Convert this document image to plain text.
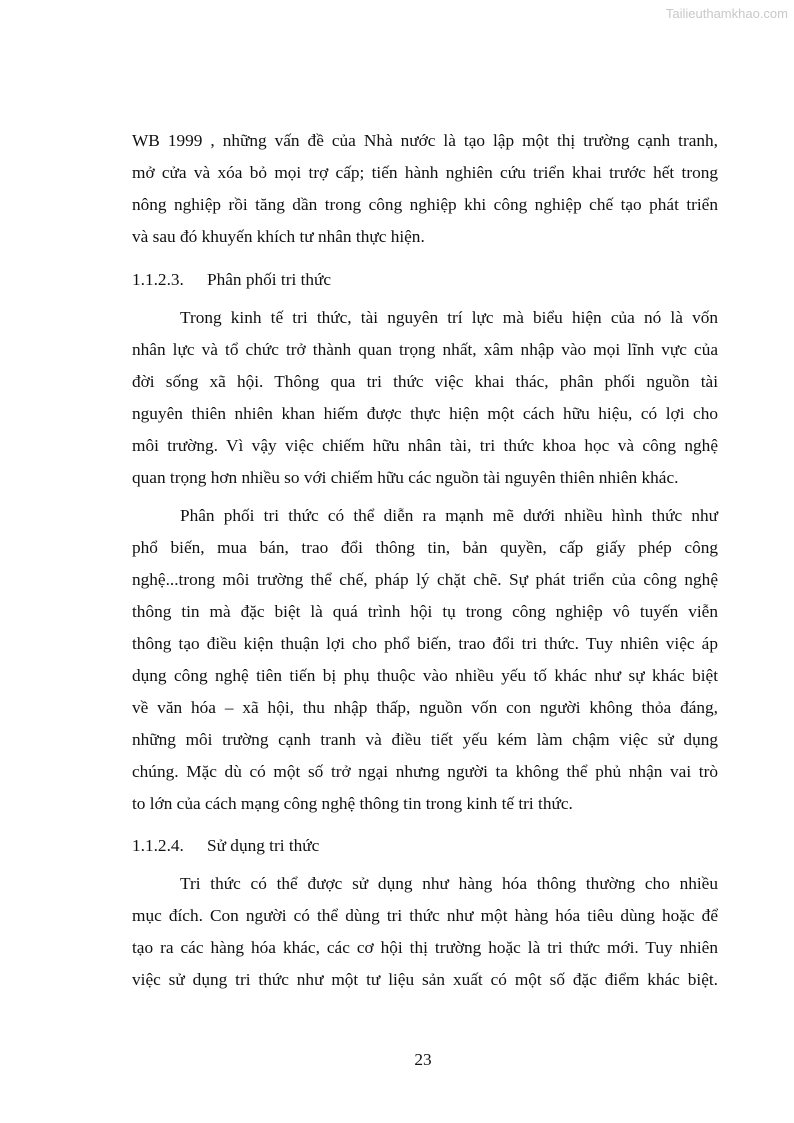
Tailieuthamkhao.com
WB 1999 , những vấn đề của Nhà nước là tạo lập một thị trường cạnh tranh,
mở cửa và xóa bỏ mọi trợ cấp; tiến hành nghiên cứu triển khai trước hết trong
nông nghiệp rồi tăng dần trong công nghiệp khi công nghiệp chế tạo phát triển
và sau đó khuyến khích tư nhân thực hiện.
1.1.2.3. Phân phối tri thức
Trong kinh tế tri thức, tài nguyên trí lực mà biểu hiện của nó là vốn
nhân lực và tổ chức trở thành quan trọng nhất, xâm nhập vào mọi lĩnh vực của
đời sống xã hội. Thông qua tri thức việc khai thác, phân phối nguồn tài
nguyên thiên nhiên khan hiếm được thực hiện một cách hữu hiệu, có lợi cho
môi trường. Vì vậy việc chiếm hữu nhân tài, tri thức khoa học và công nghệ
quan trọng hơn nhiều so với chiếm hữu các nguồn tài nguyên thiên nhiên khác.
Phân phối tri thức có thể diễn ra mạnh mẽ dưới nhiều hình thức như
phổ biến, mua bán, trao đổi thông tin, bản quyền, cấp giấy phép công
nghệ...trong môi trường thể chế, pháp lý chặt chẽ. Sự phát triển của công nghệ
thông tin mà đặc biệt là quá trình hội tụ trong công nghiệp vô tuyến viễn
thông tạo điều kiện thuận lợi cho phổ biến, trao đổi tri thức. Tuy nhiên việc áp
dụng công nghệ tiên tiến bị phụ thuộc vào nhiều yếu tố khác như sự khác biệt
về văn hóa – xã hội, thu nhập thấp, nguồn vốn con người không thỏa đáng,
những môi trường cạnh tranh và điều tiết yếu kém làm chậm việc sử dụng
chúng. Mặc dù có một số trở ngại nhưng người ta không thể phủ nhận vai trò
to lớn của cách mạng công nghệ thông tin trong kinh tế tri thức.
1.1.2.4. Sử dụng tri thức
Tri thức có thể được sử dụng như hàng hóa thông thường cho nhiều
mục đích. Con người có thể dùng tri thức như một hàng hóa tiêu dùng hoặc để
tạo ra các hàng hóa khác, các cơ hội thị trường hoặc là tri thức mới. Tuy nhiên
việc sử dụng tri thức như một tư liệu sản xuất có một số đặc điểm khác biệt.
23
